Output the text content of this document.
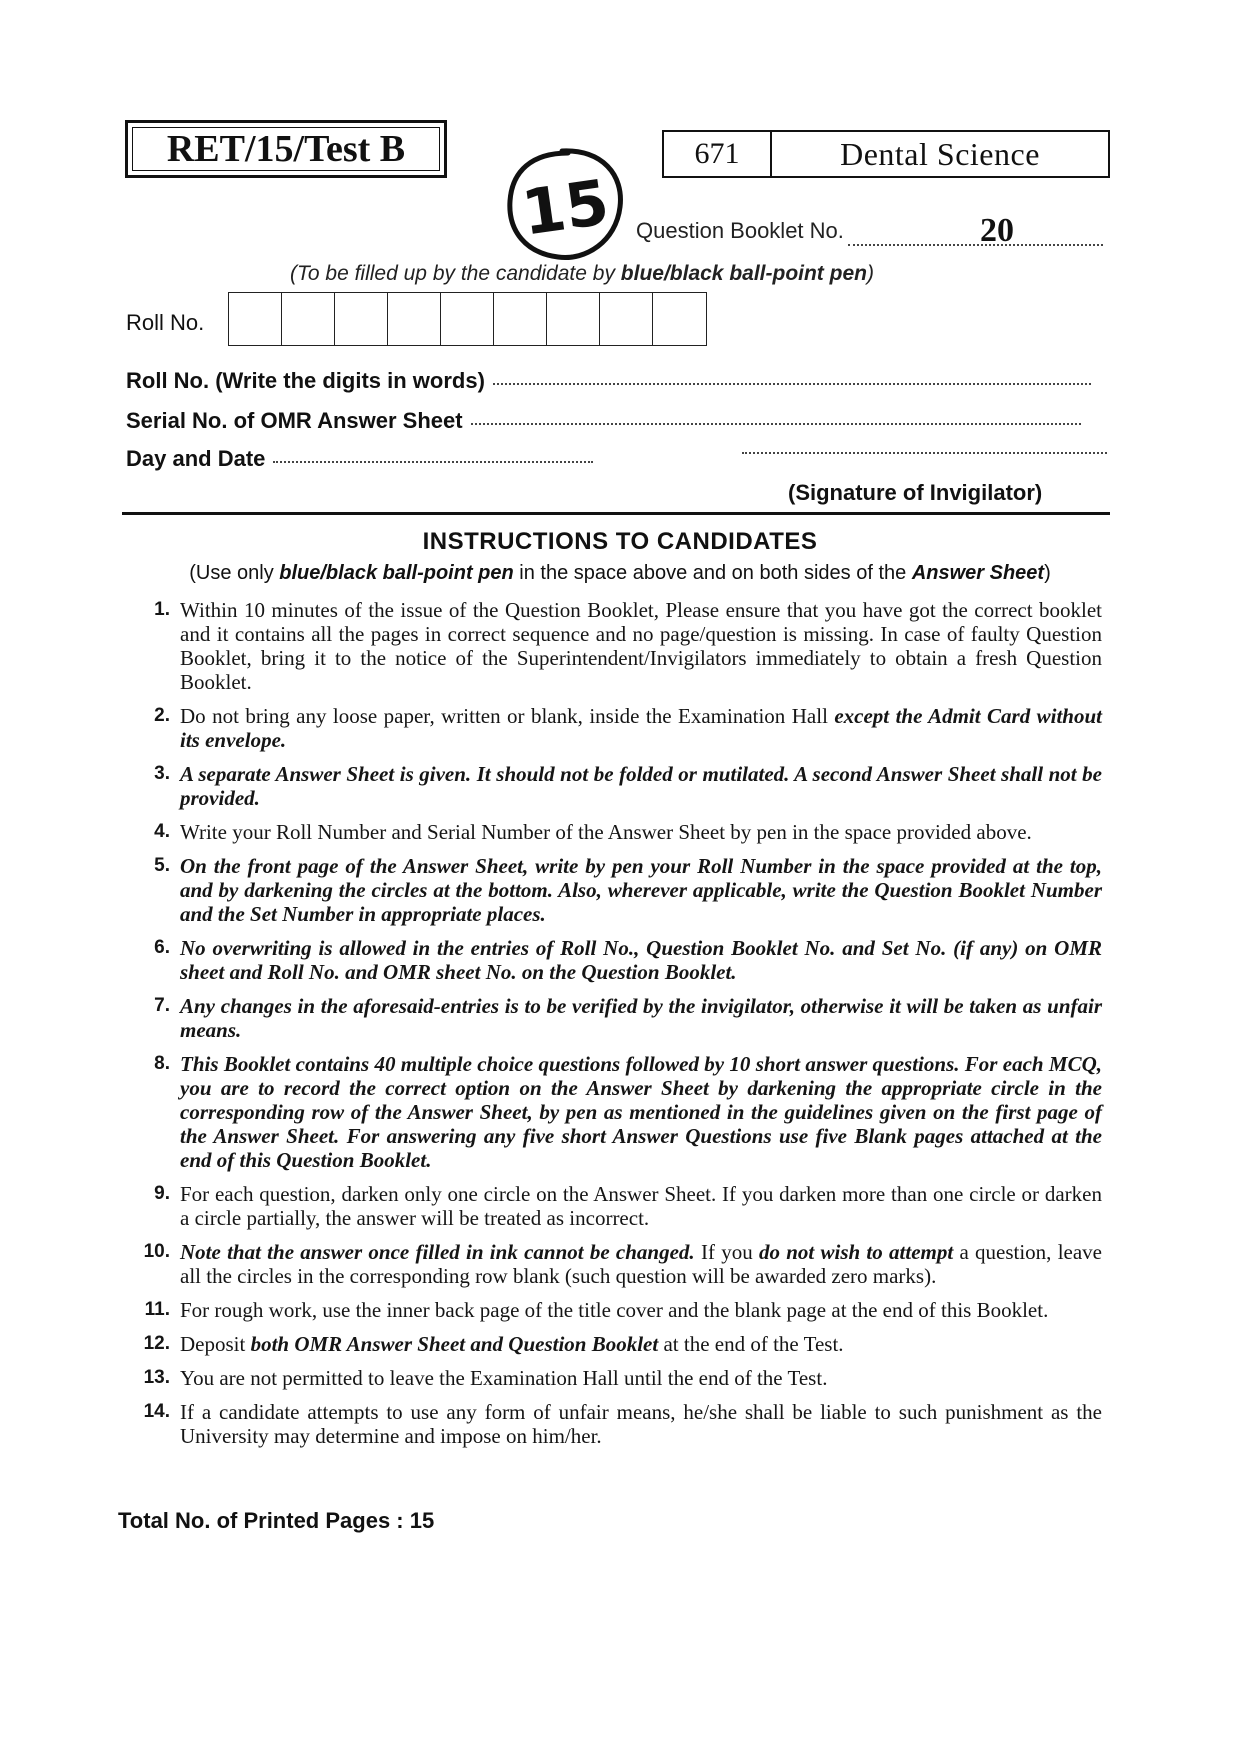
RET/15/Test B	671	Dental Science
15 Question Booklet No.	20
(To be filled up by the candidate by blue/black ball-point pen)
Roll No.
Roll No. (Write the digits in words)
Serial No. of OMR Answer Sheet
Day and Date
(Signature of Invigilator)
INSTRUCTIONS TO CANDIDATES
(Use only blue/black ball-point pen in the space above and on both sides of the Answer Sheet)
1. Within 10 minutes of the issue of the Question Booklet, Please ensure that you have got the correct booklet and it contains all the pages in correct sequence and no page/question is missing. In case of faulty Question Booklet, bring it to the notice of the Superintendent/Invigilators immediately to obtain a fresh Question Booklet.
2. Do not bring any loose paper, written or blank, inside the Examination Hall except the Admit Card without its envelope.
3. A separate Answer Sheet is given. It should not be folded or mutilated. A second Answer Sheet shall not be provided.
4. Write your Roll Number and Serial Number of the Answer Sheet by pen in the space provided above.
5. On the front page of the Answer Sheet, write by pen your Roll Number in the space provided at the top, and by darkening the circles at the bottom. Also, wherever applicable, write the Question Booklet Number and the Set Number in appropriate places.
6. No overwriting is allowed in the entries of Roll No., Question Booklet No. and Set No. (if any) on OMR sheet and Roll No. and OMR sheet No. on the Question Booklet.
7. Any changes in the aforesaid-entries is to be verified by the invigilator, otherwise it will be taken as unfair means.
8. This Booklet contains 40 multiple choice questions followed by 10 short answer questions. For each MCQ, you are to record the correct option on the Answer Sheet by darkening the appropriate circle in the corresponding row of the Answer Sheet, by pen as mentioned in the guidelines given on the first page of the Answer Sheet. For answering any five short Answer Questions use five Blank pages attached at the end of this Question Booklet.
9. For each question, darken only one circle on the Answer Sheet. If you darken more than one circle or darken a circle partially, the answer will be treated as incorrect.
10. Note that the answer once filled in ink cannot be changed. If you do not wish to attempt a question, leave all the circles in the corresponding row blank (such question will be awarded zero marks).
11. For rough work, use the inner back page of the title cover and the blank page at the end of this Booklet.
12. Deposit both OMR Answer Sheet and Question Booklet at the end of the Test.
13. You are not permitted to leave the Examination Hall until the end of the Test.
14. If a candidate attempts to use any form of unfair means, he/she shall be liable to such punishment as the University may determine and impose on him/her.
Total No. of Printed Pages : 15
